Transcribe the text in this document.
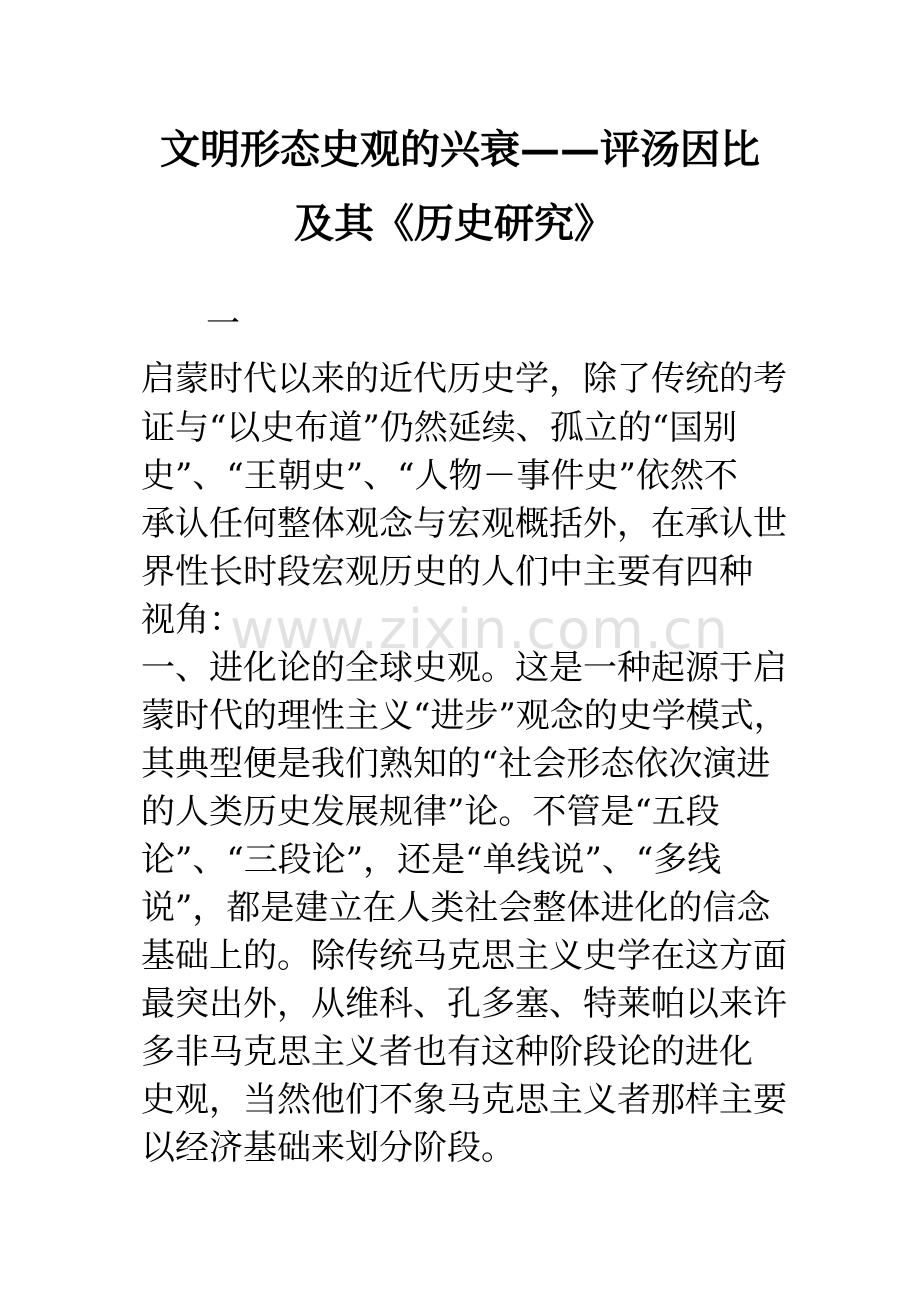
文明形态史观的兴衰——评汤因比
及其《历史研究》
一
启蒙时代以来的近代历史学，除了传统的考
证与“以史布道”仍然延续、孤立的“国别
史”、“王朝史”、“人物－事件史”依然不
承认任何整体观念与宏观概括外，在承认世
界性长时段宏观历史的人们中主要有四种
视角：
一、进化论的全球史观。这是一种起源于启
蒙时代的理性主义“进步”观念的史学模式，
其典型便是我们熟知的“社会形态依次演进
的人类历史发展规律”论。不管是“五段
论”、“三段论”，还是“单线说”、“多线
说”，都是建立在人类社会整体进化的信念
基础上的。除传统马克思主义史学在这方面
最突出外，从维科、孔多塞、特莱帕以来许
多非马克思主义者也有这种阶段论的进化
史观，当然他们不象马克思主义者那样主要
以经济基础来划分阶段。
www.zixin.com.cn
